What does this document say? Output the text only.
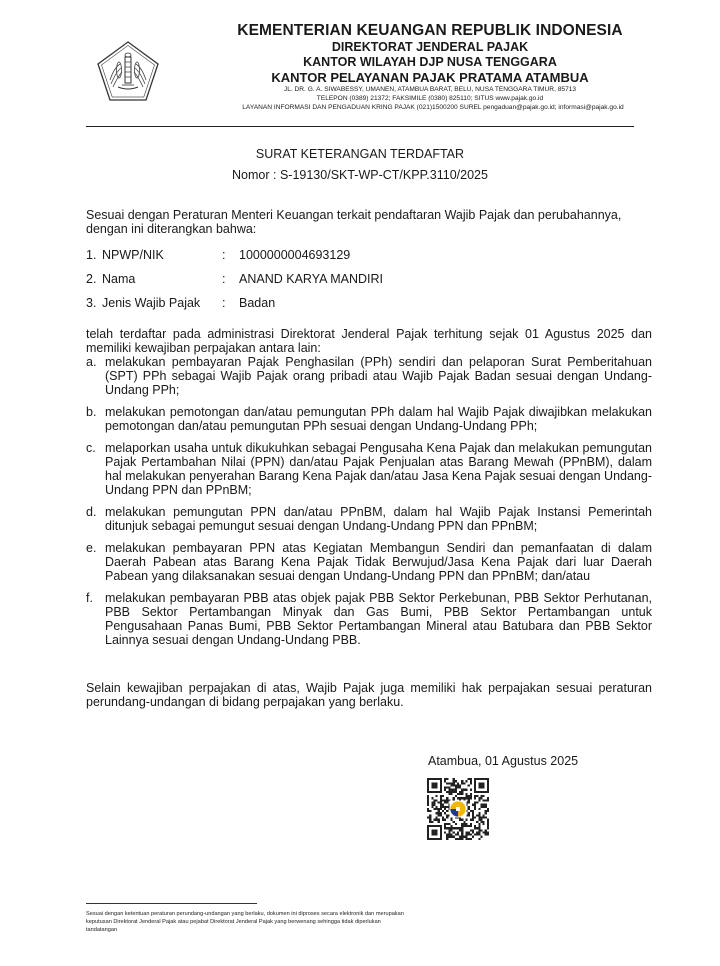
KEMENTERIAN KEUANGAN REPUBLIK INDONESIA
DIREKTORAT JENDERAL PAJAK
KANTOR WILAYAH DJP NUSA TENGGARA
KANTOR PELAYANAN PAJAK PRATAMA ATAMBUA
JL. DR. G. A. SIWABESSY, UMANEN, ATAMBUA BARAT, BELU, NUSA TENGGARA TIMUR, 85713
TELEPON (0389) 21372; FAKSIMILE (0380) 825110; SITUS www.pajak.go.id
LAYANAN INFORMASI DAN PENGADUAN KRING PAJAK (021)1500200 SUREL pengaduan@pajak.go.id; informasi@pajak.go.id
SURAT KETERANGAN TERDAFTAR
Nomor : S-19130/SKT-WP-CT/KPP.3110/2025
Sesuai dengan Peraturan Menteri Keuangan terkait pendaftaran Wajib Pajak dan perubahannya, dengan ini diterangkan bahwa:
1. NPWP/NIK	: 1000000004693129
2. Nama	: ANAND KARYA MANDIRI
3. Jenis Wajib Pajak	: Badan
telah terdaftar pada administrasi Direktorat Jenderal Pajak terhitung sejak 01 Agustus 2025 dan memiliki kewajiban perpajakan antara lain:
a. melakukan pembayaran Pajak Penghasilan (PPh) sendiri dan pelaporan Surat Pemberitahuan (SPT) PPh sebagai Wajib Pajak orang pribadi atau Wajib Pajak Badan sesuai dengan Undang-Undang PPh;
b. melakukan pemotongan dan/atau pemungutan PPh dalam hal Wajib Pajak diwajibkan melakukan pemotongan dan/atau pemungutan PPh sesuai dengan Undang-Undang PPh;
c. melaporkan usaha untuk dikukuhkan sebagai Pengusaha Kena Pajak dan melakukan pemungutan Pajak Pertambahan Nilai (PPN) dan/atau Pajak Penjualan atas Barang Mewah (PPnBM), dalam hal melakukan penyerahan Barang Kena Pajak dan/atau Jasa Kena Pajak sesuai dengan Undang-Undang PPN dan PPnBM;
d. melakukan pemungutan PPN dan/atau PPnBM, dalam hal Wajib Pajak Instansi Pemerintah ditunjuk sebagai pemungut sesuai dengan Undang-Undang PPN dan PPnBM;
e. melakukan pembayaran PPN atas Kegiatan Membangun Sendiri dan pemanfaatan di dalam Daerah Pabean atas Barang Kena Pajak Tidak Berwujud/Jasa Kena Pajak dari luar Daerah Pabean yang dilaksanakan sesuai dengan Undang-Undang PPN dan PPnBM; dan/atau
f. melakukan pembayaran PBB atas objek pajak PBB Sektor Perkebunan, PBB Sektor Perhutanan, PBB Sektor Pertambangan Minyak dan Gas Bumi, PBB Sektor Pertambangan untuk Pengusahaan Panas Bumi, PBB Sektor Pertambangan Mineral atau Batubara dan PBB Sektor Lainnya sesuai dengan Undang-Undang PBB.
Selain kewajiban perpajakan di atas, Wajib Pajak juga memiliki hak perpajakan sesuai peraturan perundang-undangan di bidang perpajakan yang berlaku.
Atambua, 01 Agustus 2025
Sesuai dengan ketentuan peraturan perundang-undangan yang berlaku, dokumen ini diproses secara elektronik dan merupakan keputusan Direktorat Jenderal Pajak atau pejabat Direktorat Jenderal Pajak yang berwenang sehingga tidak diperlukan tandatangan
